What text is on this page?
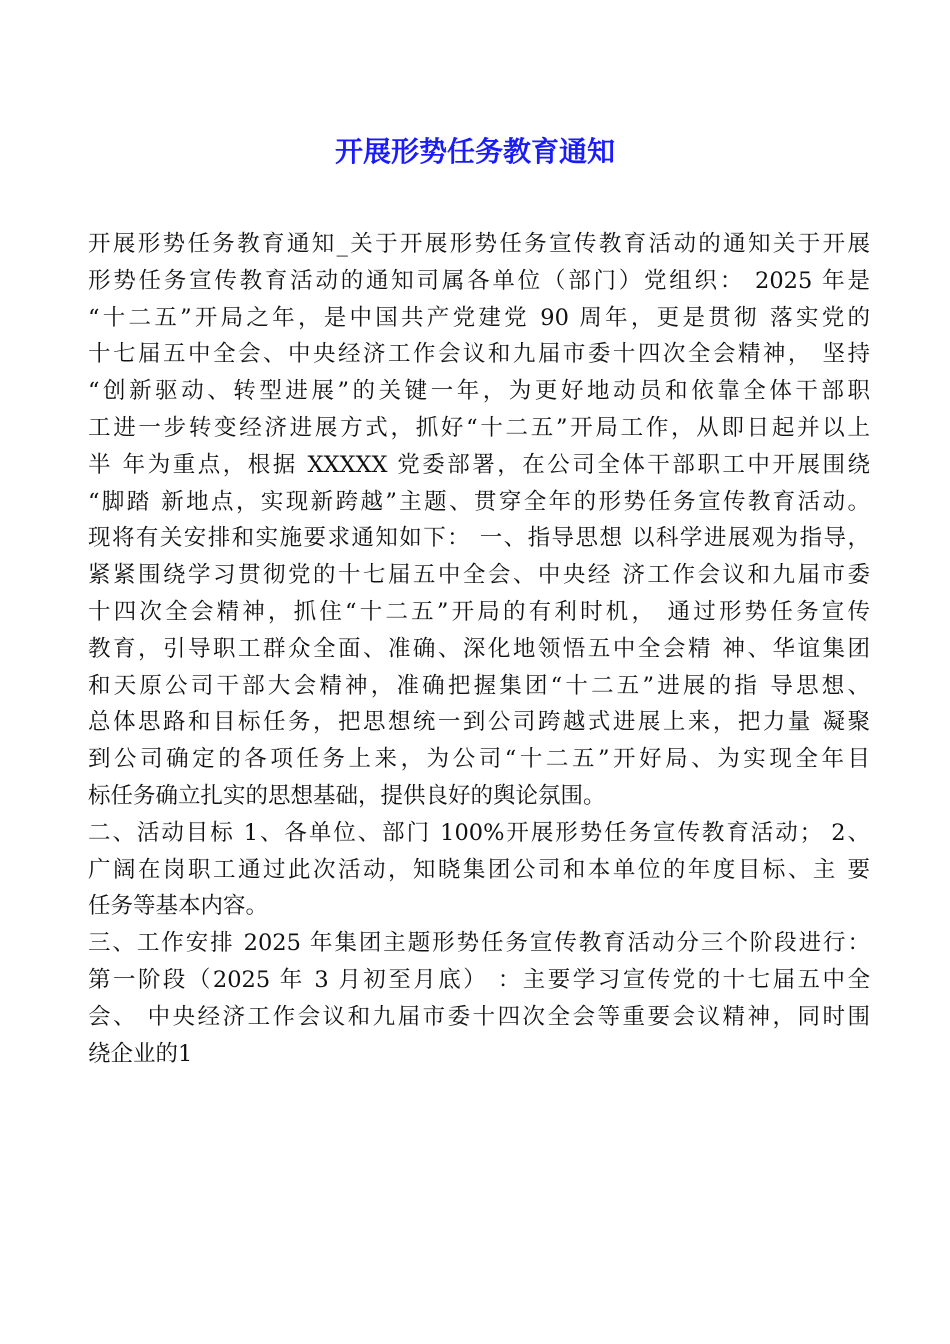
开展形势任务教育通知
开展形势任务教育通知_关于开展形势任务宣传教育活动的通知关于开展
形势任务宣传教育活动的通知司属各单位（部门）党组织： 2025 年是
“十二五”开局之年，是中国共产党建党 90 周年，更是贯彻 落实党的
十七届五中全会、中央经济工作会议和九届市委十四次全会精神， 坚持
“创新驱动、转型进展”的关键一年，为更好地动员和依靠全体干部职
工进一步转变经济进展方式，抓好“十二五”开局工作，从即日起并以上
半 年为重点，根据 XXXXX 党委部署，在公司全体干部职工中开展围绕
“脚踏 新地点，实现新跨越”主题、贯穿全年的形势任务宣传教育活动。
现将有关安排和实施要求通知如下： 一、指导思想 以科学进展观为指导，
紧紧围绕学习贯彻党的十七届五中全会、中央经 济工作会议和九届市委
十四次全会精神，抓住“十二五”开局的有利时机， 通过形势任务宣传
教育，引导职工群众全面、准确、深化地领悟五中全会精 神、华谊集团
和天原公司干部大会精神，准确把握集团“十二五”进展的指 导思想、
总体思路和目标任务，把思想统一到公司跨越式进展上来，把力量 凝聚
到公司确定的各项任务上来，为公司“十二五”开好局、为实现全年目
标任务确立扎实的思想基础，提供良好的舆论氛围。
二、活动目标 1、各单位、部门 100%开展形势任务宣传教育活动； 2、
广阔在岗职工通过此次活动，知晓集团公司和本单位的年度目标、主 要
任务等基本内容。
三、工作安排 2025 年集团主题形势任务宣传教育活动分三个阶段进行：
第一阶段（2025 年 3 月初至月底） ：主要学习宣传党的十七届五中全
会、 中央经济工作会议和九届市委十四次全会等重要会议精神，同时围
绕企业的1
